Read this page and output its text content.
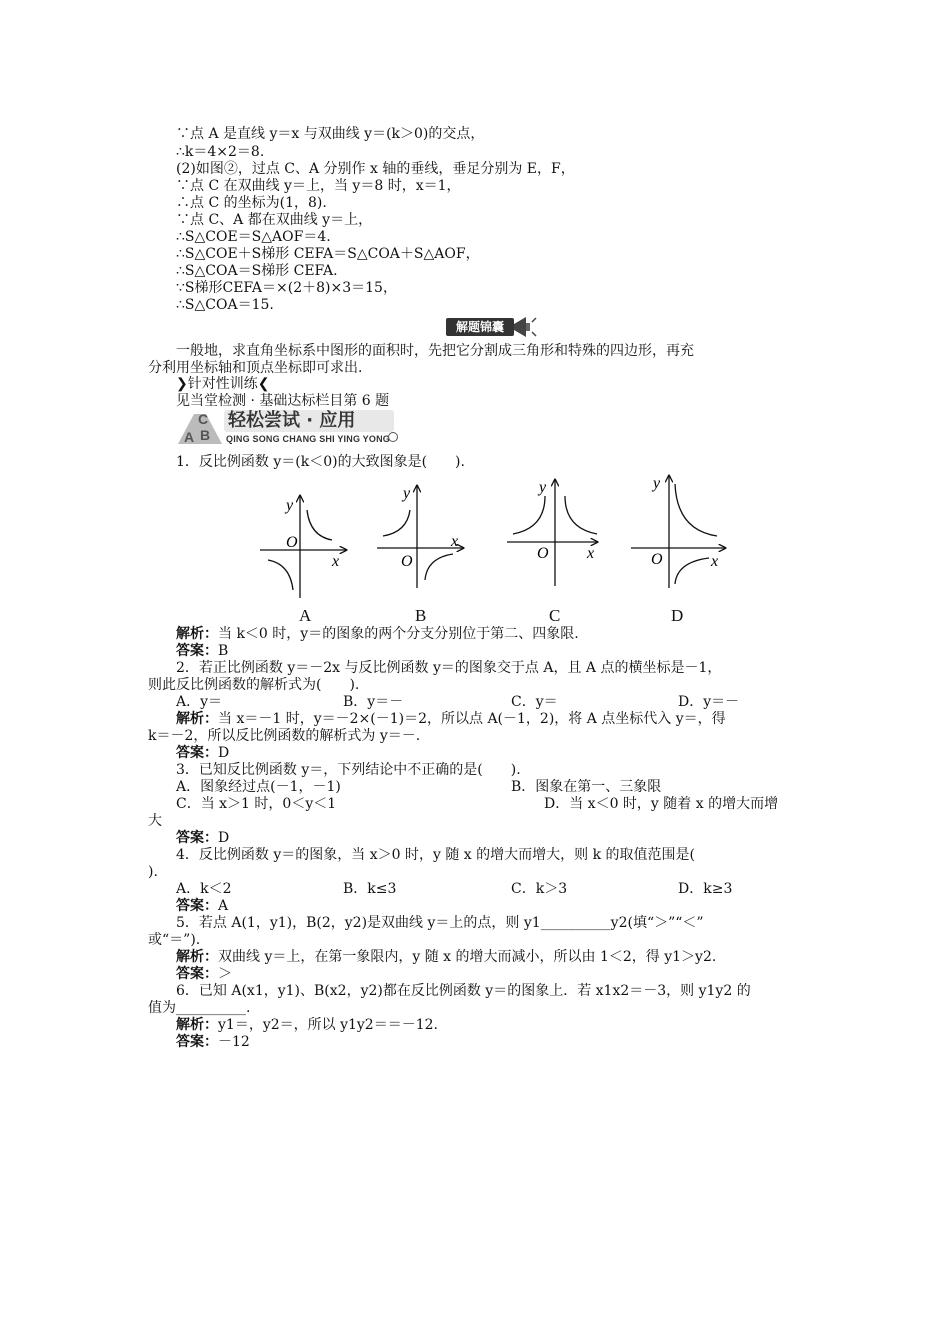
∵点 A 是直线 y＝x 与双曲线 y＝(k＞0)的交点，
∴k＝4×2＝8.
(2)如图②，过点 C、A 分别作 x 轴的垂线，垂足分别为 E，F，
∵点 C 在双曲线 y＝上，当 y＝8 时，x＝1，
∴点 C 的坐标为(1，8).
∵点 C、A 都在双曲线 y＝上，
∴S△COE＝S△AOF＝4.
∴S△COE＋S梯形 CEFA＝S△COA＋S△AOF，
∴S△COA＝S梯形 CEFA.
∵S梯形CEFA＝×(2＋8)×3＝15，
∴S△COA＝15.
解题锦囊
一般地，求直角坐标系中图形的面积时，先把它分割成三角形和特殊的四边形，再充
分利用坐标轴和顶点坐标即可求出.
❯针对性训练❮
见当堂检测 · 基础达标栏目第 6 题
A B
C 轻松尝试 · 应用
QING SONG CHANG SHI YING YONG
1．反比例函数 y＝(k＜0)的大致图象是(　　).
y
O
x
y
O
x
y
O x
y
O	x
A	B	C	D
解析：当 k＜0 时，y＝的图象的两个分支分别位于第二、四象限.
答案：B
2．若正比例函数 y＝－2x 与反比例函数 y＝的图象交于点 A，且 A 点的横坐标是－1，
则此反比例函数的解析式为(　　).
A．y＝	B．y＝－	C．y＝	D．y＝－
解析：当 x＝－1 时，y＝－2×(－1)＝2，所以点 A(－1，2)，将 A 点坐标代入 y＝，得
k＝－2，所以反比例函数的解析式为 y＝－.
答案：D
3．已知反比例函数 y＝，下列结论中不正确的是(　　).
A．图象经过点(－1，－1)	B．图象在第一、三象限
C．当 x＞1 时，0＜y＜1	D．当 x＜0 时，y 随着 x 的增大而增
大
答案：D
4．反比例函数 y＝的图象，当 x＞0 时，y 随 x 的增大而增大，则 k 的取值范围是(
).
A．k＜2	B．k≤3	C．k＞3	D．k≥3
答案：A
5．若点 A(1，y1)，B(2，y2)是双曲线 y＝上的点，则 y1__________y2(填“＞”“＜”
或“＝”).
解析：双曲线 y＝上，在第一象限内，y 随 x 的增大而减小，所以由 1＜2，得 y1＞y2.
答案：＞
6．已知 A(x1，y1)、B(x2，y2)都在反比例函数 y＝的图象上．若 x1x2＝－3，则 y1y2 的
值为__________.
解析：y1＝，y2＝，所以 y1y2＝＝－12.
答案：－12
